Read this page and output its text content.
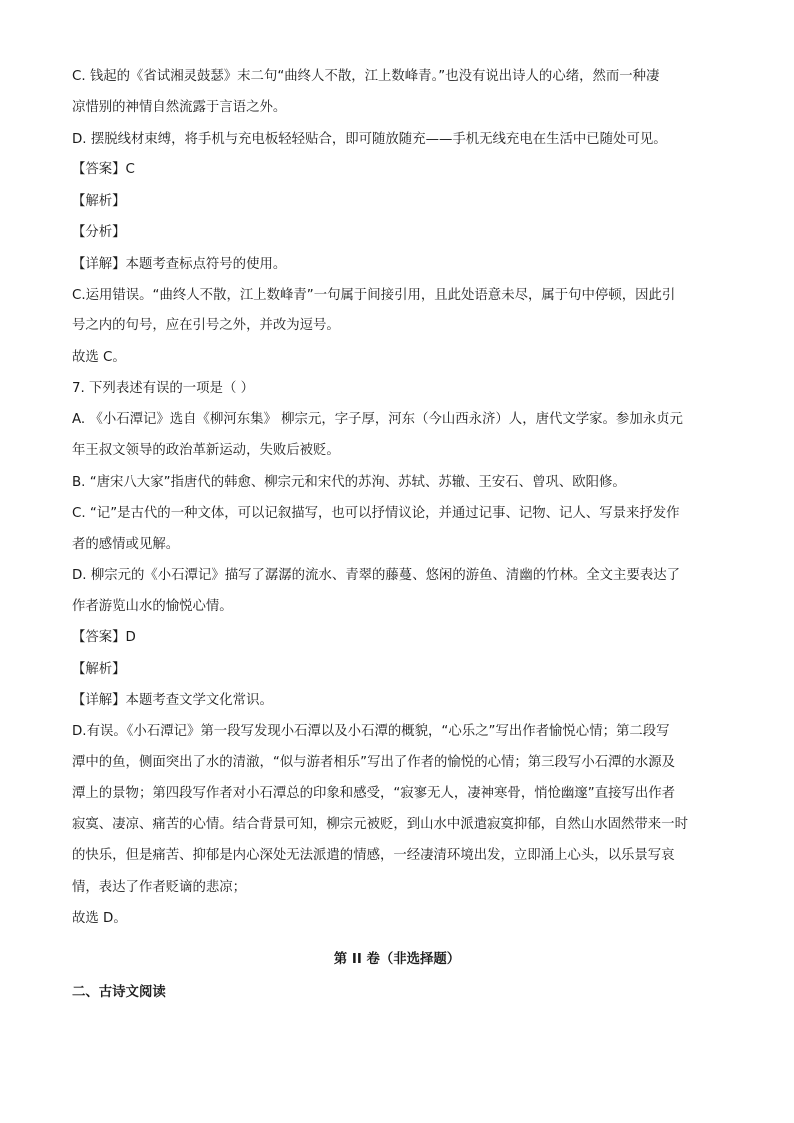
C. 钱起的《省试湘灵鼓瑟》末二句“曲终人不散，江上数峰青。”也没有说出诗人的心绪，然而一种凄
凉惜别的神情自然流露于言语之外。
D. 摆脱线材束缚，将手机与充电板轻轻贴合，即可随放随充——手机无线充电在生活中已随处可见。
【答案】C
【解析】
【分析】
【详解】本题考查标点符号的使用。
C.运用错误。“曲终人不散，江上数峰青”一句属于间接引用，且此处语意未尽，属于句中停顿，因此引
号之内的句号，应在引号之外，并改为逗号。
故选 C。
7. 下列表述有误的一项是（ ）
A. 《小石潭记》选自《柳河东集》 柳宗元，字子厚，河东（今山西永济）人，唐代文学家。参加永贞元
年王叔文领导的政治革新运动，失败后被贬。
B. “唐宋八大家”指唐代的韩愈、柳宗元和宋代的苏洵、苏轼、苏辙、王安石、曾巩、欧阳修。
C. “记”是古代的一种文体，可以记叙描写，也可以抒情议论，并通过记事、记物、记人、写景来抒发作
者的感情或见解。
D. 柳宗元的《小石潭记》描写了潺潺的流水、青翠的藤蔓、悠闲的游鱼、清幽的竹林。全文主要表达了
作者游览山水的愉悦心情。
【答案】D
【解析】
【详解】本题考查文学文化常识。
D.有误。《小石潭记》第一段写发现小石潭以及小石潭的概貌，“心乐之”写出作者愉悦心情；第二段写
潭中的鱼，侧面突出了水的清澈，“似与游者相乐”写出了作者的愉悦的心情；第三段写小石潭的水源及
潭上的景物；第四段写作者对小石潭总的印象和感受，“寂寥无人，凄神寒骨，悄怆幽邃”直接写出作者
寂寞、凄凉、痛苦的心情。结合背景可知，柳宗元被贬，到山水中派遣寂寞抑郁，自然山水固然带来一时
的快乐，但是痛苦、抑郁是内心深处无法派遣的情感，一经凄清环境出发，立即涌上心头，以乐景写哀
情，表达了作者贬谪的悲凉；
故选 D。
第 II 卷（非选择题）
二、古诗文阅读
